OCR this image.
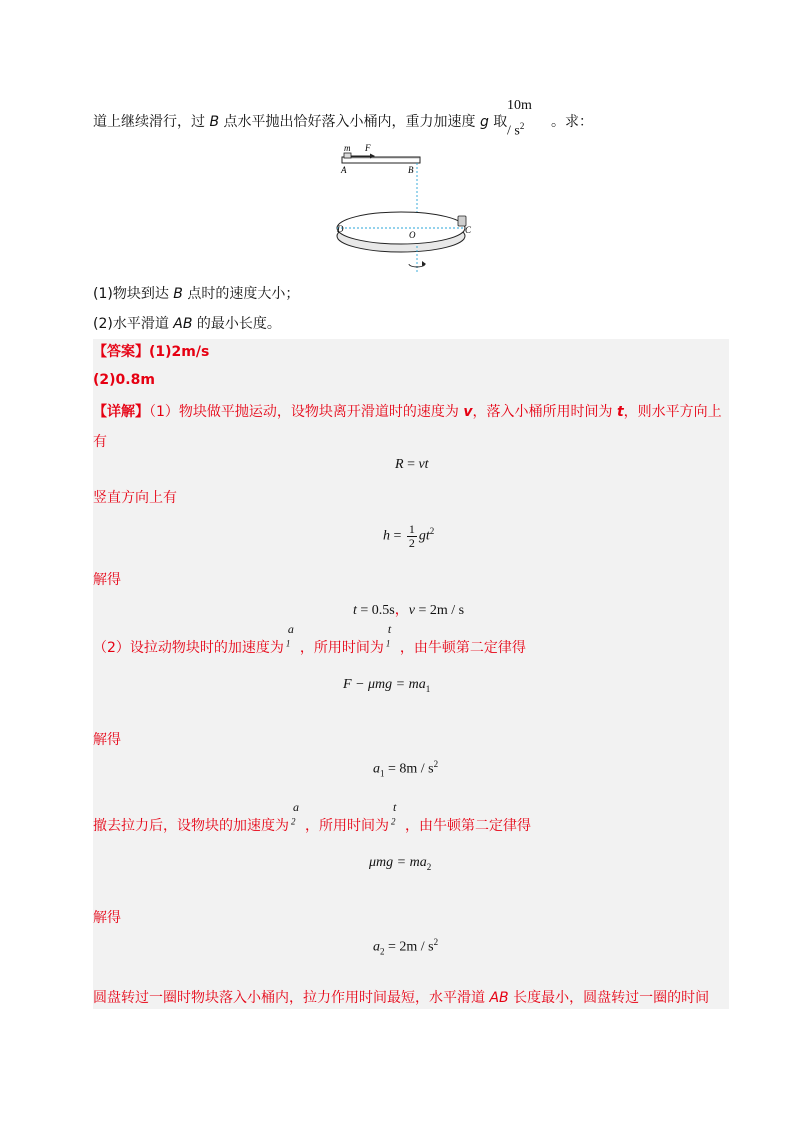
道上继续滑行，过 B 点水平抛出恰好落入小桶内，重力加速度 g 取
$10m / s^2$	。求：
m F
A	B
D
O	C
(1)物块到达 B 点时的速度大小；
(2)水平滑道 AB 的最小长度。
【答案】(1)2m/s
(2)0.8m
【详解】（1）物块做平抛运动，设物块离开滑道时的速度为 v，落入小桶所用时间为 t，则水平方向上
有
R = vt
竖直方向上有
$h = \frac{1}{2} gt^2$
解得
t = 0.5s，v = 2m / s
（2）设拉动物块时的加速度为
a
$_1$ ，所用时间为
t
$_1$ ，由牛顿第二定律得
$F - \mu mg = ma_1$
解得
$a_1 = 8m / s^2$
撤去拉力后，设物块的加速度为
a
$_2$ ，所用时间为
t
$_2$ ，由牛顿第二定律得
$\mu mg = ma_2$
解得
$a_2 = 2m / s^2$
圆盘转过一圈时物块落入小桶内，拉力作用时间最短，水平滑道 AB 长度最小，圆盘转过一圈的时间
